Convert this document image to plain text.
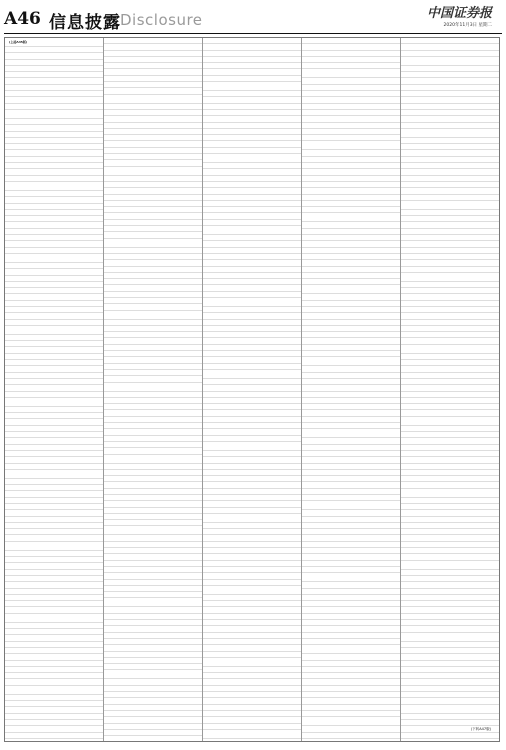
A46 信息披露 Disclosure	中国证券报
2020年11月3日 星期二
(上接A45版)
(下转A47版)
